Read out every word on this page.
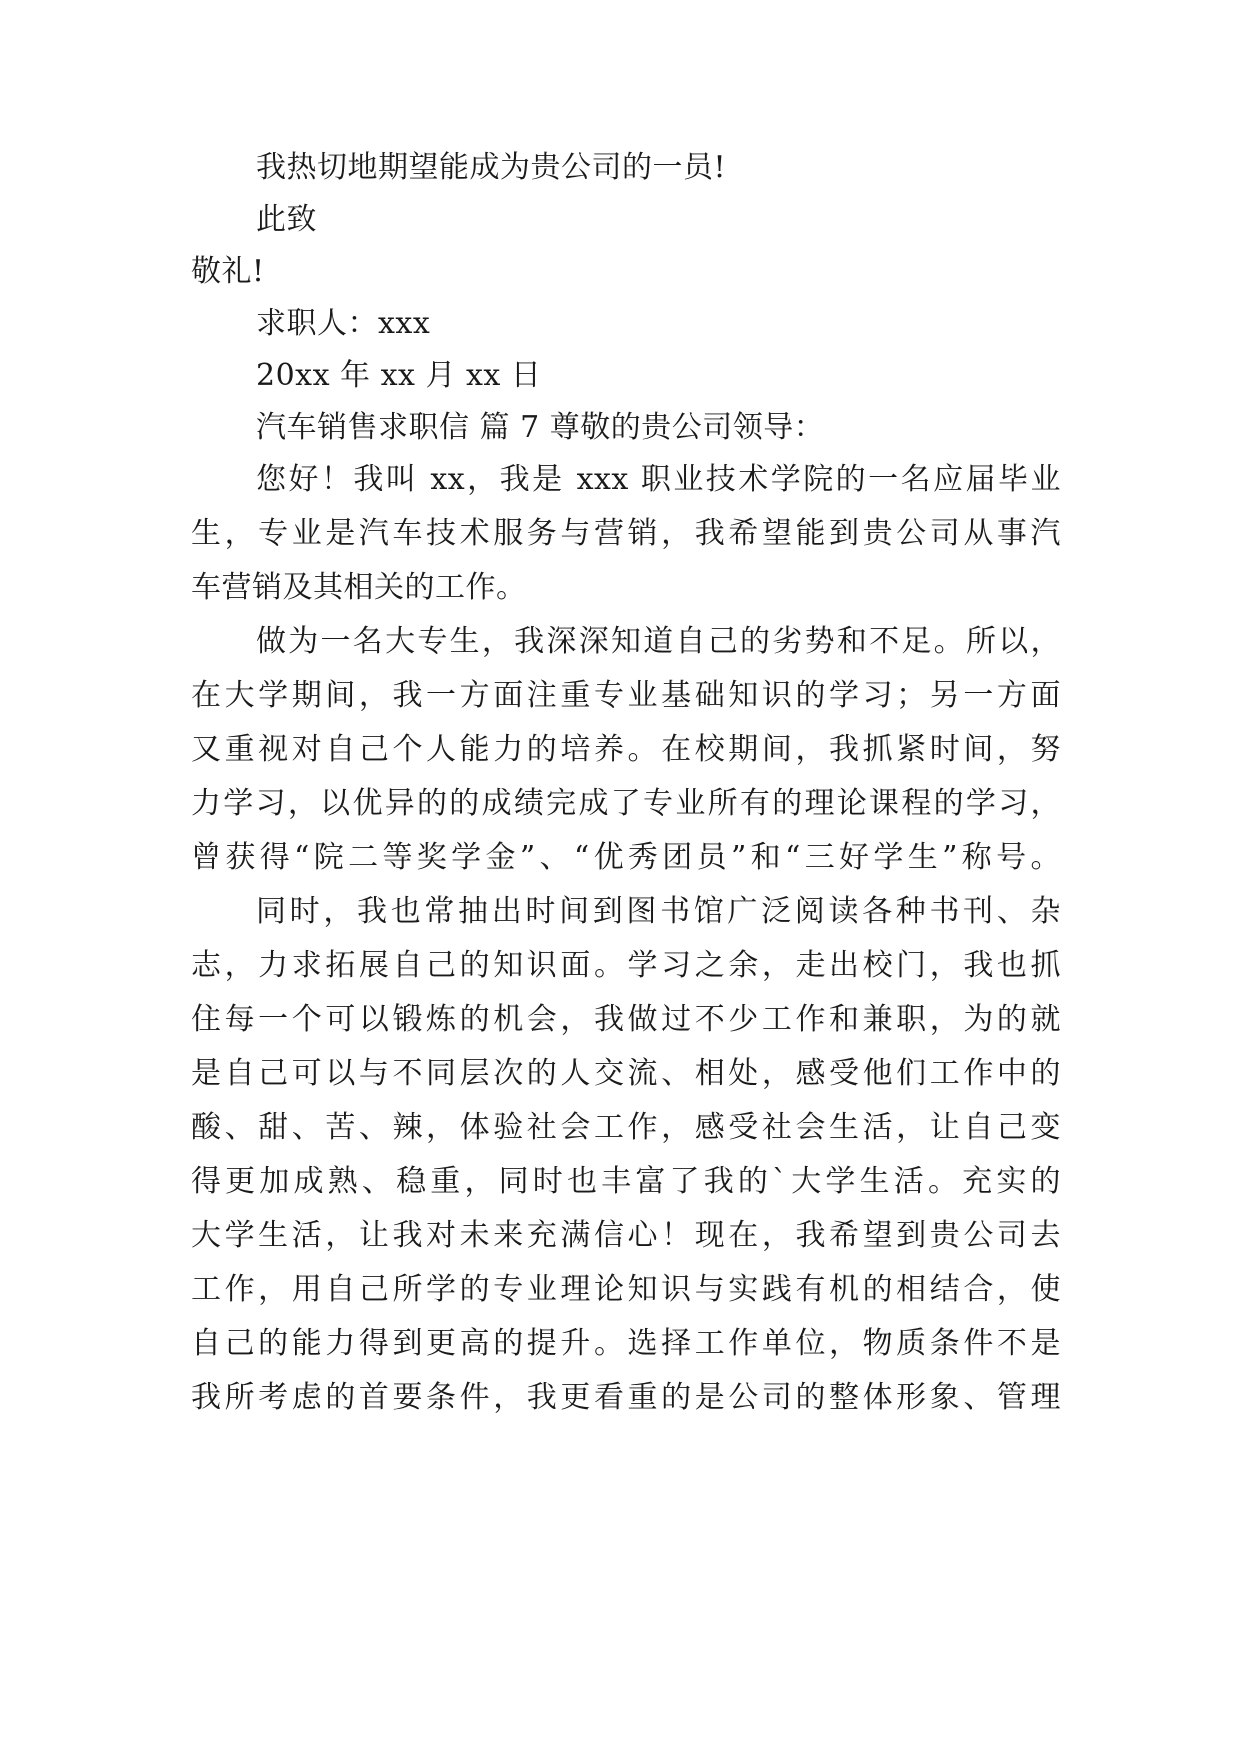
我热切地期望能成为贵公司的一员!
此致
敬礼!
求职人：xxx
20xx 年 xx 月 xx 日
汽车销售求职信 篇 7 尊敬的贵公司领导：
您好！我叫 xx，我是 xxx 职业技术学院的一名应届毕业
生，专业是汽车技术服务与营销，我希望能到贵公司从事汽
车营销及其相关的工作。
做为一名大专生，我深深知道自己的劣势和不足。所以，
在大学期间，我一方面注重专业基础知识的学习；另一方面
又重视对自己个人能力的培养。在校期间，我抓紧时间，努
力学习，以优异的的成绩完成了专业所有的理论课程的学习，
曾获得“院二等奖学金”、“优秀团员”和“三好学生”称号。
同时，我也常抽出时间到图书馆广泛阅读各种书刊、杂
志，力求拓展自己的知识面。学习之余，走出校门，我也抓
住每一个可以锻炼的机会，我做过不少工作和兼职，为的就
是自己可以与不同层次的人交流、相处，感受他们工作中的
酸、甜、苦、辣，体验社会工作，感受社会生活，让自己变
得更加成熟、稳重，同时也丰富了我的`大学生活。充实的
大学生活，让我对未来充满信心！现在，我希望到贵公司去
工作，用自己所学的专业理论知识与实践有机的相结合，使
自己的能力得到更高的提升。选择工作单位，物质条件不是
我所考虑的首要条件，我更看重的是公司的整体形象、管理
